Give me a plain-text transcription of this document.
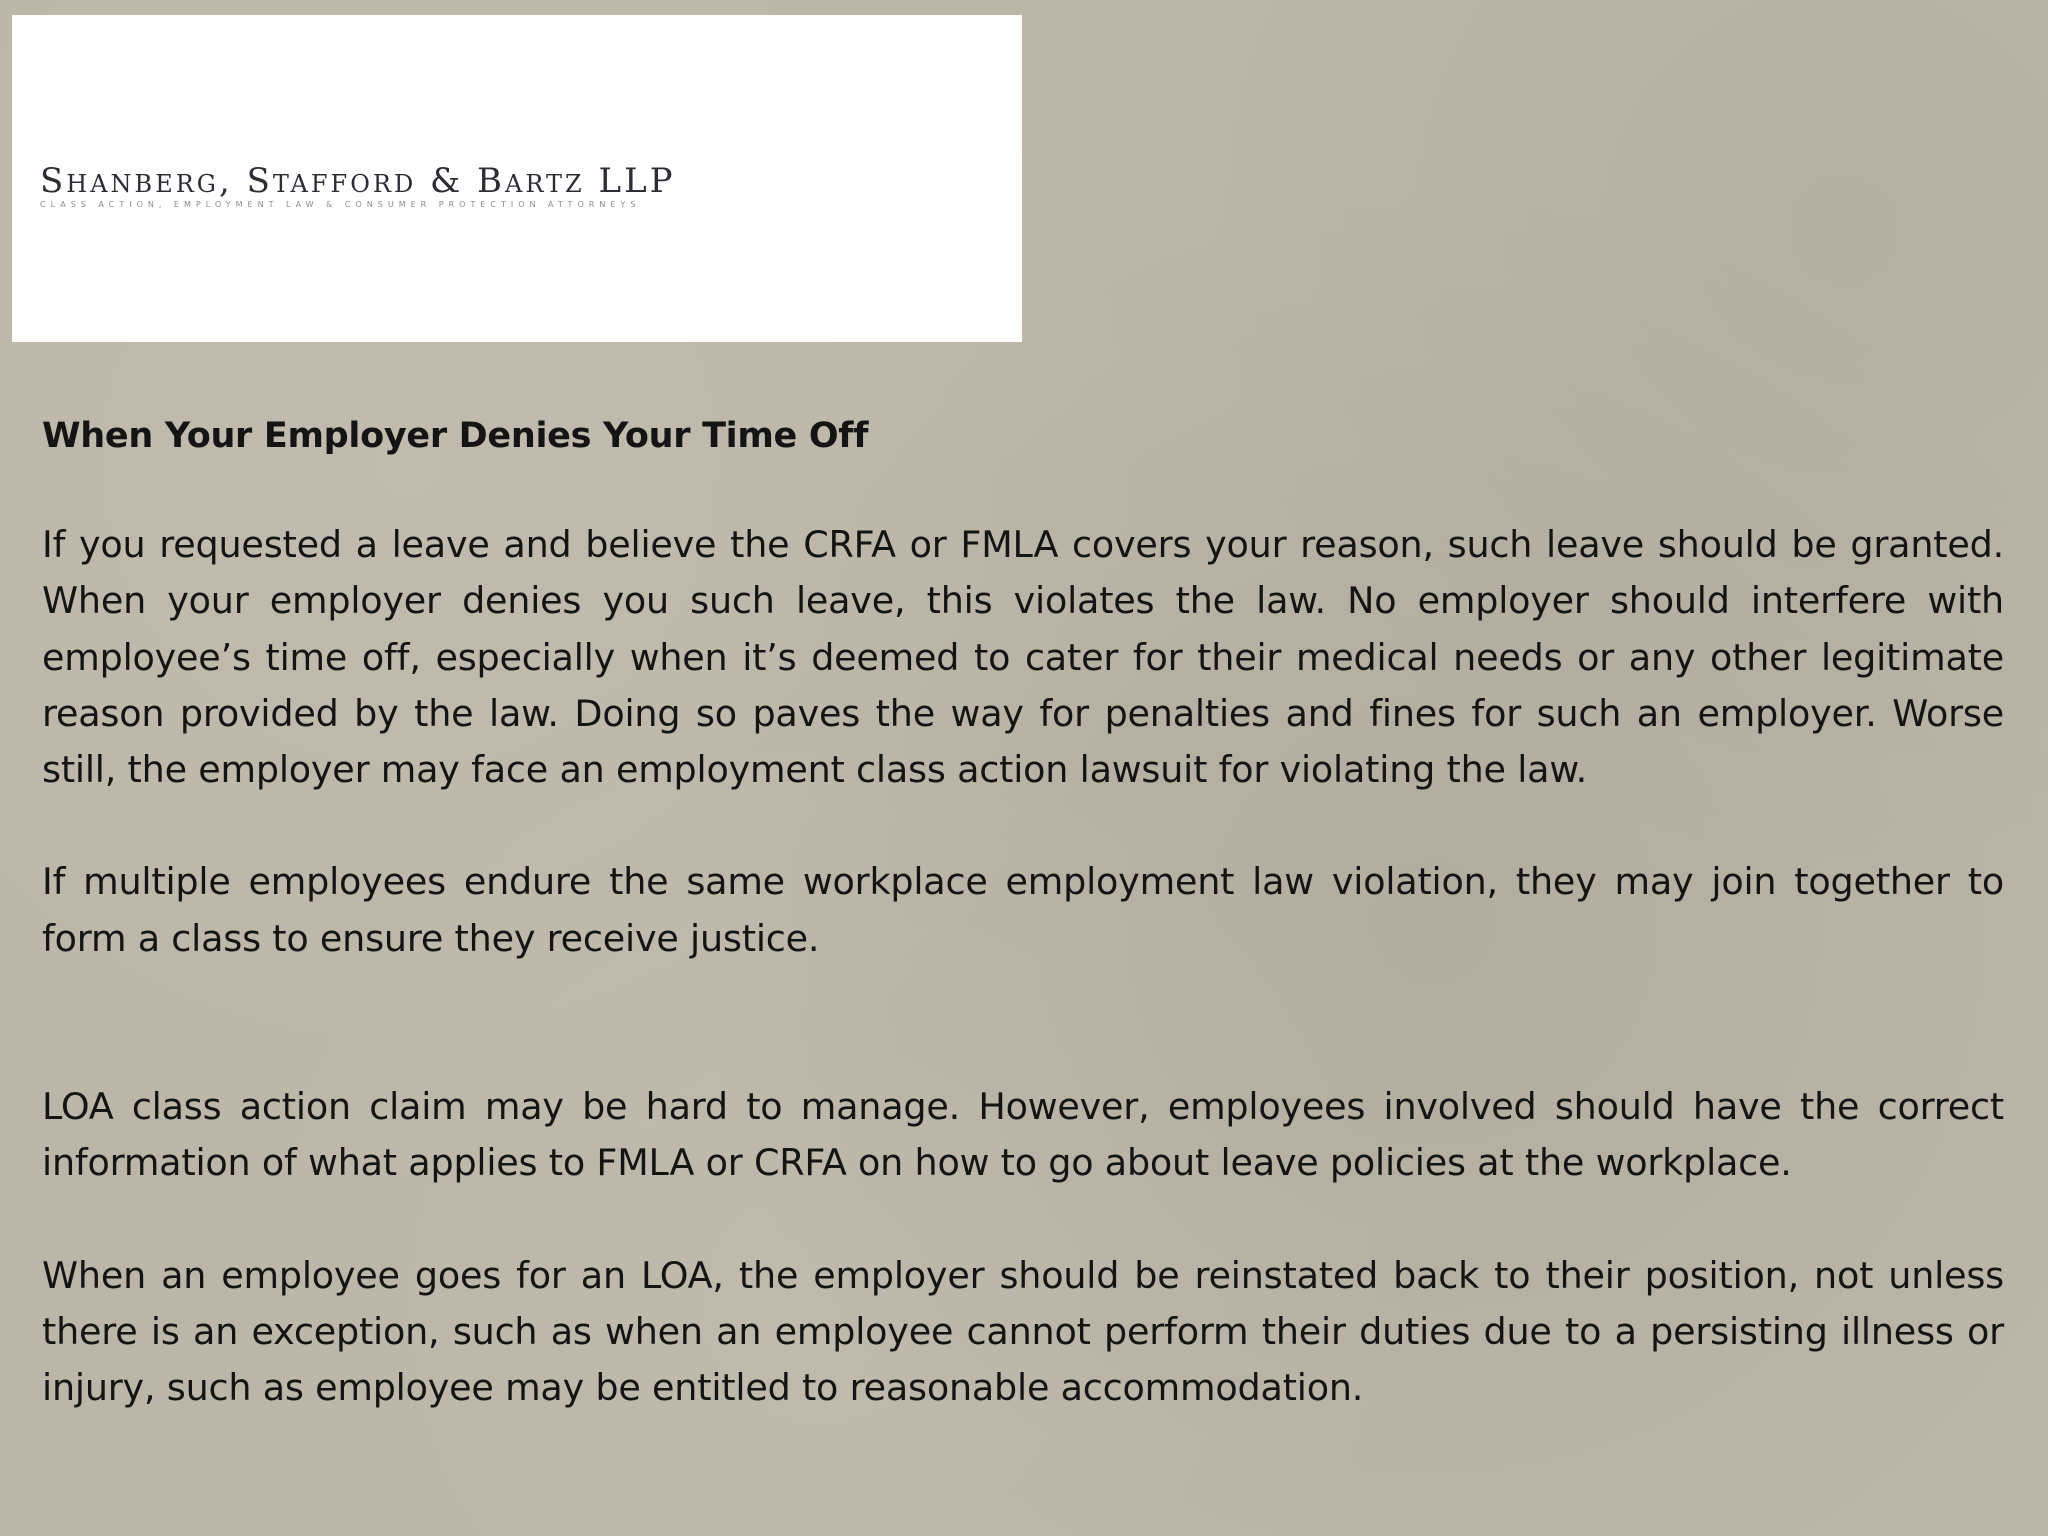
Shanberg, Stafford & Bartz LLP
CLASS ACTION, EMPLOYMENT LAW & CONSUMER PROTECTION ATTORNEYS
When Your Employer Denies Your Time Off

If you requested a leave and believe the CRFA or FMLA covers your reason, such leave should be granted. When your employer denies you such leave, this violates the law. No employer should interfere with employee’s time off, especially when it’s deemed to cater for their medical needs or any other legitimate reason provided by the law. Doing so paves the way for penalties and fines for such an employer. Worse still, the employer may face an employment class action lawsuit for violating the law.

If multiple employees endure the same workplace employment law violation, they may join together to form a class to ensure they receive justice.

LOA class action claim may be hard to manage. However, employees involved should have the correct information of what applies to FMLA or CRFA on how to go about leave policies at the workplace.

When an employee goes for an LOA, the employer should be reinstated back to their position, not unless there is an exception, such as when an employee cannot perform their duties due to a persisting illness or injury, such as employee may be entitled to reasonable accommodation.
